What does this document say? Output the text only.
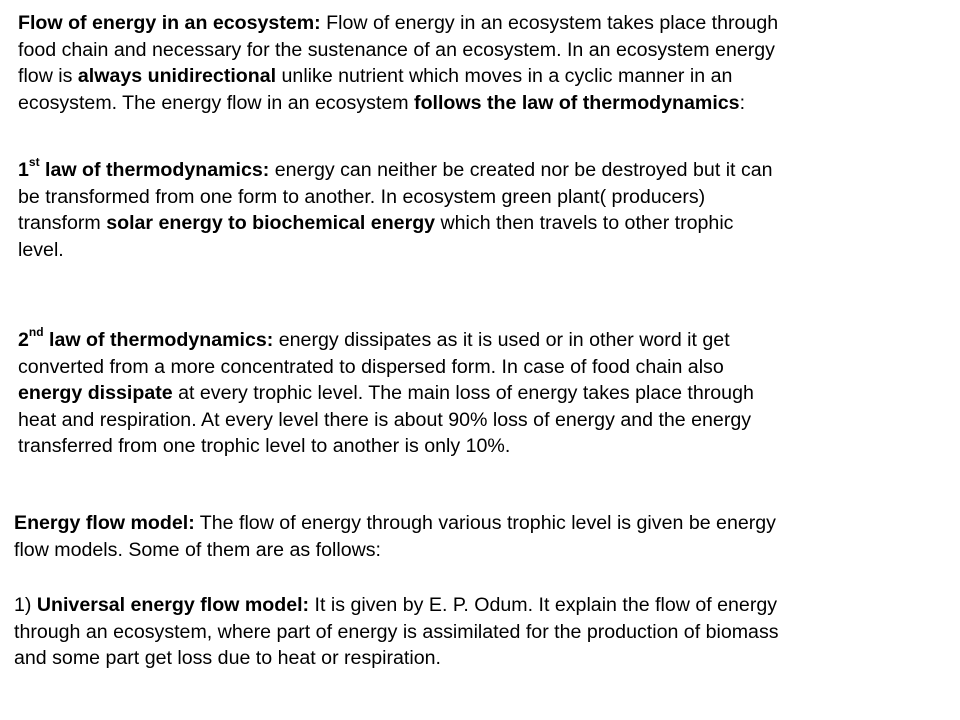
Flow of energy in an ecosystem: Flow of energy in an ecosystem takes place through
food chain and necessary for the sustenance of an ecosystem. In an ecosystem energy
flow is always unidirectional unlike nutrient which moves in a cyclic manner in an
ecosystem. The energy flow in an ecosystem follows the law of thermodynamics:
1st law of thermodynamics: energy can neither be created nor be destroyed but it can
be transformed from one form to another. In ecosystem green plant( producers)
transform solar energy to biochemical energy which then travels to other trophic
level.
2nd law of thermodynamics: energy dissipates as it is used or in other word it get
converted from a more concentrated to dispersed form. In case of food chain also
energy dissipate at every trophic level. The main loss of energy takes place through
heat and respiration. At every level there is about 90% loss of energy and the energy
transferred from one trophic level to another is only 10%.
Energy flow model: The flow of energy through various trophic level is given be energy
flow models. Some of them are as follows:
1) Universal energy flow model: It is given by E. P. Odum. It explain the flow of energy
through an ecosystem, where part of energy is assimilated for the production of biomass
and some part get loss due to heat or respiration.
